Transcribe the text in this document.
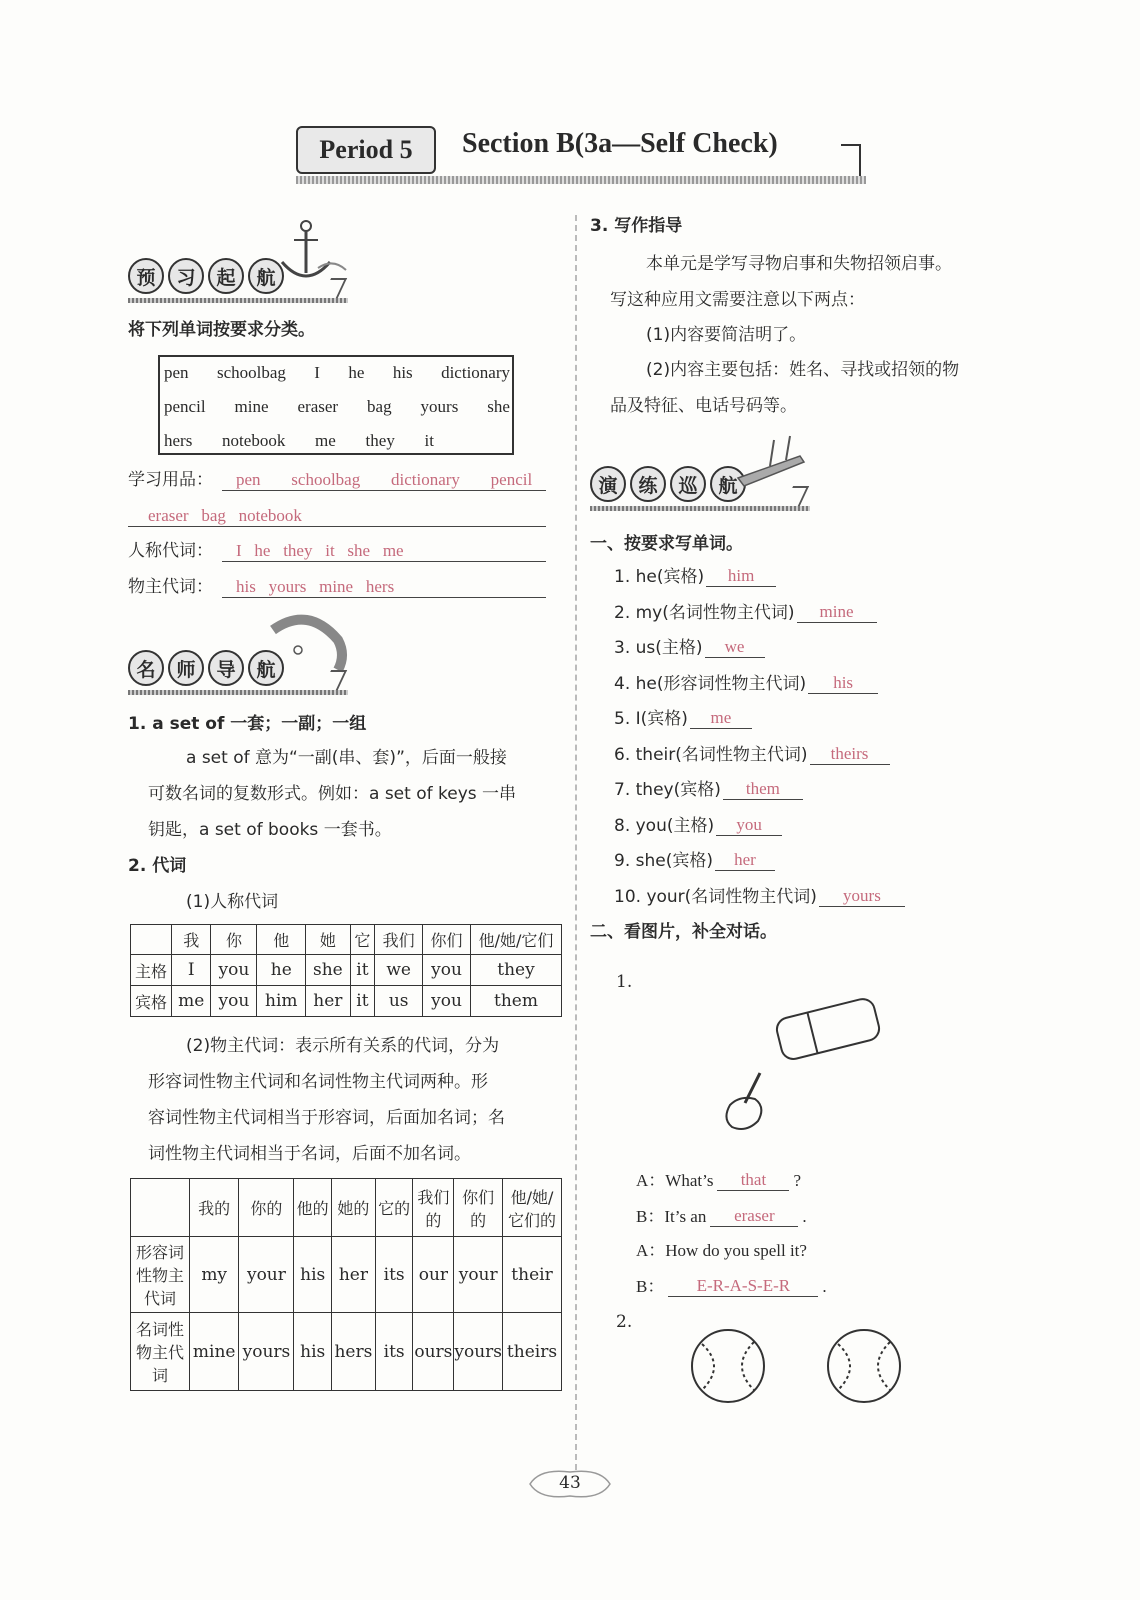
Period 5	Section B(3a—Self Check)
预	习	起	航
将下列单词按要求分类。
pen schoolbag I he his dictionary
pencil mine eraser bag yours she
hers notebook me they it
学习用品：	pen   schoolbag   dictionary   pencil
eraser   bag   notebook
人称代词：	I   he   they   it   she   me
物主代词：	his   yours   mine   hers
名	师	导	航
1. a set of 一套；一副；一组
a set of 意为“一副(串、套)”，后面一般接
可数名词的复数形式。例如：a set of keys 一串
钥匙，a set of books 一套书。
2. 代词
(1)人称代词
	我	你	他	她	它	我们	你们	他/她/它们
主格	I	you	he	she	it	we	you	they
宾格	me	you	him	her	it	us	you	them
(2)物主代词：表示所有关系的代词，分为
形容词性物主代词和名词性物主代词两种。形
容词性物主代词相当于形容词，后面加名词；名
词性物主代词相当于名词，后面不加名词。
	我的	你的	他的	她的	它的	我们的	你们的	他/她/它们的
形容词性物主代词	my	your	his	her	its	our	your	their
名词性物主代词	mine	yours	his	hers	its	ours	yours	theirs
3. 写作指导
本单元是学写寻物启事和失物招领启事。
写这种应用文需要注意以下两点：
(1)内容要简洁明了。
(2)内容主要包括：姓名、寻找或招领的物
品及特征、电话号码等。
演	练	巡	航
一、按要求写单词。
1. he(宾格)	him
2. my(名词性物主代词)	mine
3. us(主格)	we
4. he(形容词性物主代词)	his
5. I(宾格)	me
6. their(名词性物主代词)	theirs
7. they(宾格)	them
8. you(主格)	you
9. she(宾格)	her
10. your(名词性物主代词)	yours
二、看图片，补全对话。
1.
A：What’s	that	?
B：It’s an	eraser	.
A：How do you spell it?
B：	E-R-A-S-E-R	.
2.
43
